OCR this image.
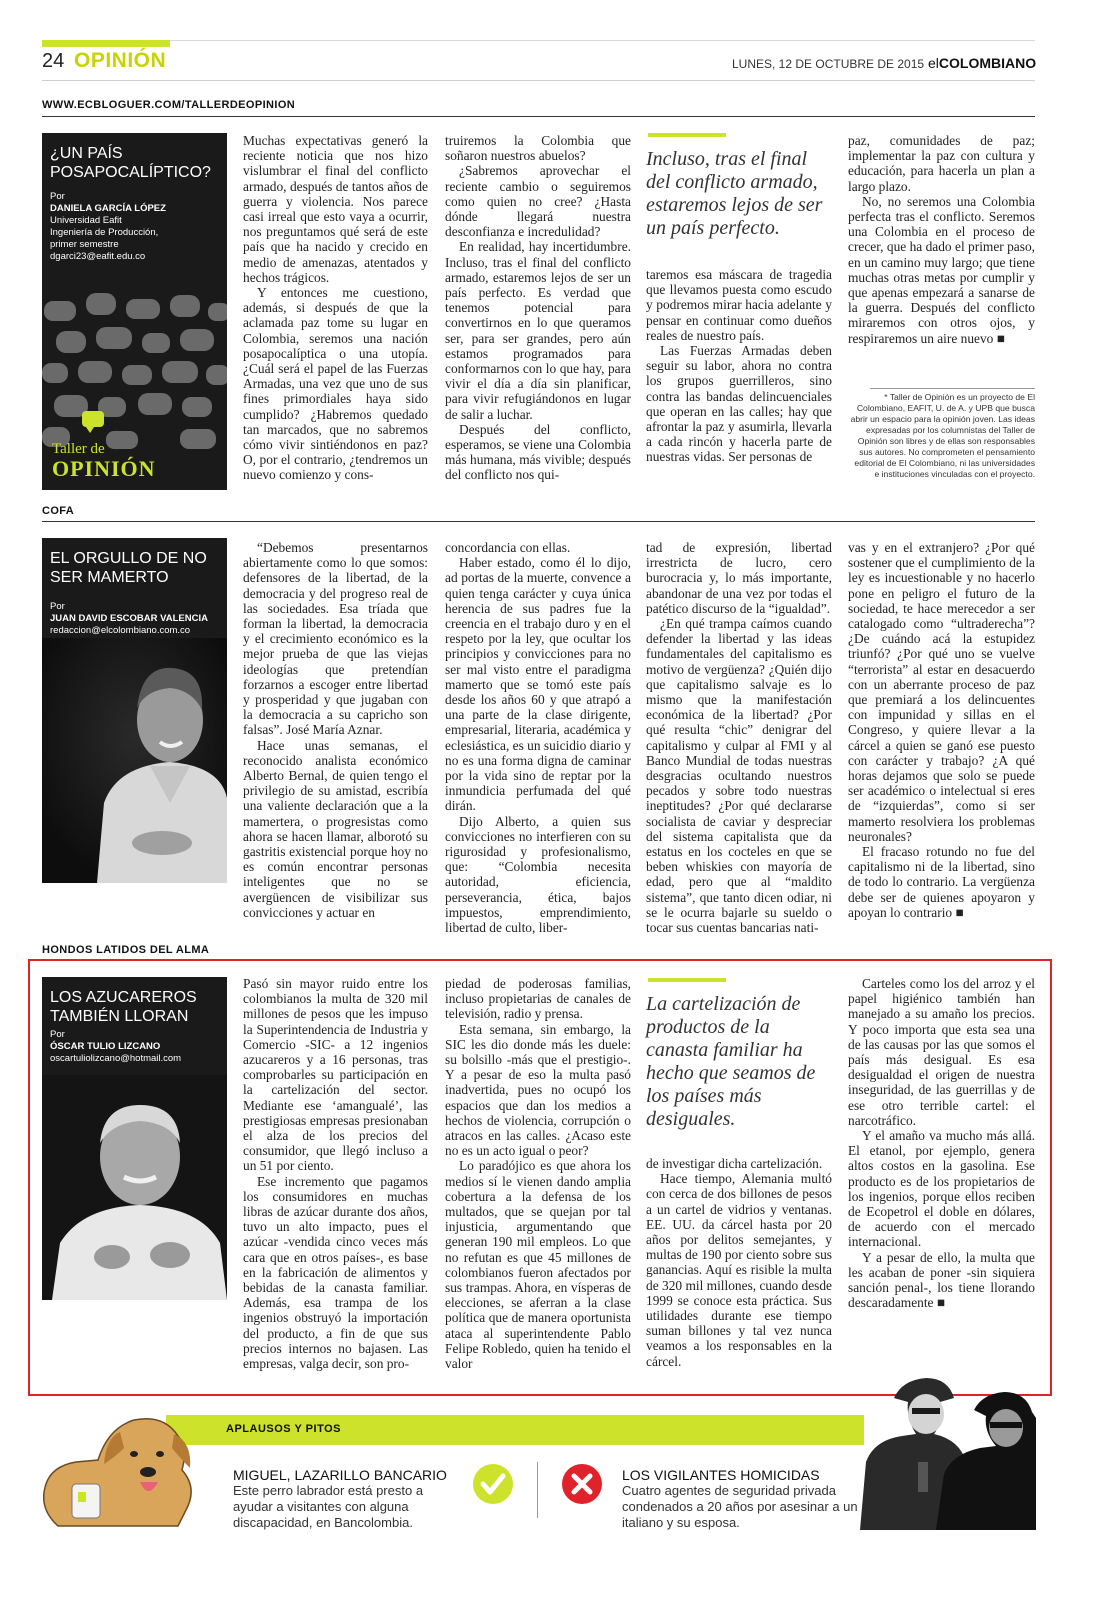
24 OPINIÓN	LUNES, 12 DE OCTUBRE DE 2015 elCOLOMBIANO
WWW.ECBLOGUER.COM/TALLERDEOPINION
¿UN PAÍS POSAPOCALÍPTICO?
Por
DANIELA GARCÍA LÓPEZ
Universidad Eafit
Ingeniería de Producción,
primer semestre
dgarci23@eafit.edu.co
Taller de
OPINIÓN

Muchas expectativas generó la reciente noticia que nos hizo vislumbrar el final del conflicto armado, después de tantos años de guerra y violencia. Nos parece casi irreal que esto vaya a ocurrir, nos preguntamos qué será de este país que ha nacido y crecido en medio de amenazas, atentados y hechos trágicos.

Y entonces me cuestiono, además, si después de que la aclamada paz tome su lugar en Colombia, seremos una nación posapocalíptica o una utopía. ¿Cuál será el papel de las Fuerzas Armadas, una vez que uno de sus fines primordiales haya sido cumplido? ¿Habremos quedado tan marcados, que no sabremos cómo vivir sintiéndonos en paz? O, por el contrario, ¿tendremos un nuevo comienzo y cons-

truiremos la Colombia que soñaron nuestros abuelos?

¿Sabremos aprovechar el reciente cambio o seguiremos como quien no cree? ¿Hasta dónde llegará nuestra desconfianza e incredulidad?

En realidad, hay incertidumbre. Incluso, tras el final del conflicto armado, estaremos lejos de ser un país perfecto. Es verdad que tenemos potencial para convertirnos en lo que queramos ser, para ser grandes, pero aún estamos programados para conformarnos con lo que hay, para vivir el día a día sin planificar, para vivir refugiándonos en lugar de salir a luchar.

Después del conflicto, esperamos, se viene una Colombia más humana, más vivible; después del conflicto nos qui-

Incluso, tras el final del conflicto armado, estaremos lejos de ser un país perfecto.

taremos esa máscara de tragedia que llevamos puesta como escudo y podremos mirar hacia adelante y pensar en continuar como dueños reales de nuestro país.

Las Fuerzas Armadas deben seguir su labor, ahora no contra los grupos guerrilleros, sino contra las bandas delincuenciales que operan en las calles; hay que afrontar la paz y asumirla, llevarla a cada rincón y hacerla parte de nuestras vidas. Ser personas de

paz, comunidades de paz; implementar la paz con cultura y educación, para hacerla un plan a largo plazo.

No, no seremos una Colombia perfecta tras el conflicto. Seremos una Colombia en el proceso de crecer, que ha dado el primer paso, en un camino muy largo; que tiene muchas otras metas por cumplir y que apenas empezará a sanarse de la guerra. Después del conflicto miraremos con otros ojos, y respiraremos un aire nuevo ■

* Taller de Opinión es un proyecto de El Colombiano, EAFIT, U. de A. y UPB que busca abrir un espacio para la opinión joven. Las ideas expresadas por los columnistas del Taller de Opinión son libres y de ellas son responsables sus autores. No comprometen el pensamiento editorial de El Colombiano, ni las universidades e instituciones vinculadas con el proyecto.
COFA
EL ORGULLO DE NO SER MAMERTO
Por
JUAN DAVID ESCOBAR VALENCIA
redaccion@elcolombiano.com.co

“Debemos presentarnos abiertamente como lo que somos: defensores de la libertad, de la democracia y del progreso real de las sociedades. Esa tríada que forman la libertad, la democracia y el crecimiento económico es la mejor prueba de que las viejas ideologías que pretendían forzarnos a escoger entre libertad y prosperidad y que jugaban con la democracia a su capricho son falsas”. José María Aznar.

Hace unas semanas, el reconocido analista económico Alberto Bernal, de quien tengo el privilegio de su amistad, escribía una valiente declaración que a la mamertera, o progresistas como ahora se hacen llamar, alborotó su gastritis existencial porque hoy no es común encontrar personas inteligentes que no se avergüencen de visibilizar sus convicciones y actuar en

concordancia con ellas.

Haber estado, como él lo dijo, ad portas de la muerte, convence a quien tenga carácter y cuya única herencia de sus padres fue la creencia en el trabajo duro y en el respeto por la ley, que ocultar los principios y convicciones para no ser mal visto entre el paradigma mamerto que se tomó este país desde los años 60 y que atrapó a una parte de la clase dirigente, empresarial, literaria, académica y eclesiástica, es un suicidio diario y no es una forma digna de caminar por la vida sino de reptar por la inmundicia perfumada del qué dirán.

Dijo Alberto, a quien sus convicciones no interfieren con su rigurosidad y profesionalismo, que: “Colombia necesita autoridad, eficiencia, perseverancia, ética, bajos impuestos, emprendimiento, libertad de culto, liber-

tad de expresión, libertad irrestricta de lucro, cero burocracia y, lo más importante, abandonar de una vez por todas el patético discurso de la “igualdad”.

¿En qué trampa caímos cuando defender la libertad y las ideas fundamentales del capitalismo es motivo de vergüenza? ¿Quién dijo que capitalismo salvaje es lo mismo que la manifestación económica de la libertad? ¿Por qué resulta “chic” denigrar del capitalismo y culpar al FMI y al Banco Mundial de todas nuestras desgracias ocultando nuestros pecados y sobre todo nuestras ineptitudes? ¿Por qué declararse socialista de caviar y despreciar del sistema capitalista que da estatus en los cocteles en que se beben whiskies con mayoría de edad, pero que al “maldito sistema”, que tanto dicen odiar, ni se le ocurra bajarle su sueldo o tocar sus cuentas bancarias nati-

vas y en el extranjero? ¿Por qué sostener que el cumplimiento de la ley es incuestionable y no hacerlo pone en peligro el futuro de la sociedad, te hace merecedor a ser catalogado como “ultraderecha”? ¿De cuándo acá la estupidez triunfó? ¿Por qué uno se vuelve “terrorista” al estar en desacuerdo con un aberrante proceso de paz que premiará a los delincuentes con impunidad y sillas en el Congreso, y quiere llevar a la cárcel a quien se ganó ese puesto con carácter y trabajo? ¿A qué horas dejamos que solo se puede ser académico o intelectual si eres de “izquierdas”, como si ser mamerto resolviera los problemas neuronales?

El fracaso rotundo no fue del capitalismo ni de la libertad, sino de todo lo contrario. La vergüenza debe ser de quienes apoyaron y apoyan lo contrario ■

HONDOS LATIDOS DEL ALMA
LOS AZUCAREROS TAMBIÉN LLORAN
Por
ÓSCAR TULIO LIZCANO
oscartuliolizcano@hotmail.com

Pasó sin mayor ruido entre los colombianos la multa de 320 mil millones de pesos que les impuso la Superintendencia de Industria y Comercio -SIC- a 12 ingenios azucareros y a 16 personas, tras comprobarles su participación en la cartelización del sector. Mediante ese ‘amangualé’, las prestigiosas empresas presionaban el alza de los precios del consumidor, que llegó incluso a un 51 por ciento.

Ese incremento que pagamos los consumidores en muchas libras de azúcar durante dos años, tuvo un alto impacto, pues el azúcar -vendida cinco veces más cara que en otros países-, es base en la fabricación de alimentos y bebidas de la canasta familiar. Además, esa trampa de los ingenios obstruyó la importación del producto, a fin de que sus precios internos no bajasen. Las empresas, valga decir, son pro-

piedad de poderosas familias, incluso propietarias de canales de televisión, radio y prensa.

Esta semana, sin embargo, la SIC les dio donde más les duele: su bolsillo -más que el prestigio-. Y a pesar de eso la multa pasó inadvertida, pues no ocupó los espacios que dan los medios a hechos de violencia, corrupción o atracos en las calles. ¿Acaso este no es un acto igual o peor?

Lo paradójico es que ahora los medios sí le vienen dando amplia cobertura a la defensa de los multados, que se quejan por tal injusticia, argumentando que generan 190 mil empleos. Lo que no refutan es que 45 millones de colombianos fueron afectados por sus trampas. Ahora, en vísperas de elecciones, se aferran a la clase política que de manera oportunista ataca al superintendente Pablo Felipe Robledo, quien ha tenido el valor

La cartelización de productos de la canasta familiar ha hecho que seamos de los países más desiguales.

de investigar dicha cartelización.

Hace tiempo, Alemania multó con cerca de dos billones de pesos a un cartel de vidrios y ventanas. EE. UU. da cárcel hasta por 20 años por delitos semejantes, y multas de 190 por ciento sobre sus ganancias. Aquí es risible la multa de 320 mil millones, cuando desde 1999 se conoce esta práctica. Sus utilidades durante ese tiempo suman billones y tal vez nunca veamos a los responsables en la cárcel.

Carteles como los del arroz y el papel higiénico también han manejado a su amaño los precios. Y poco importa que esta sea una de las causas por las que somos el país más desigual. Es esa desigualdad el origen de nuestra inseguridad, de las guerrillas y de ese otro terrible cartel: el narcotráfico.

Y el amaño va mucho más allá. El etanol, por ejemplo, genera altos costos en la gasolina. Ese producto es de los propietarios de los ingenios, porque ellos reciben de Ecopetrol el doble en dólares, de acuerdo con el mercado internacional.

Y a pesar de ello, la multa que les acaban de poner -sin siquiera sanción penal-, los tiene llorando descaradamente ■

APLAUSOS Y PITOS
MIGUEL, LAZARILLO BANCARIO
Este perro labrador está presto a ayudar a visitantes con alguna discapacidad, en Bancolombia.
LOS VIGILANTES HOMICIDAS
Cuatro agentes de seguridad privada condenados a 20 años por asesinar a un italiano y su esposa.
